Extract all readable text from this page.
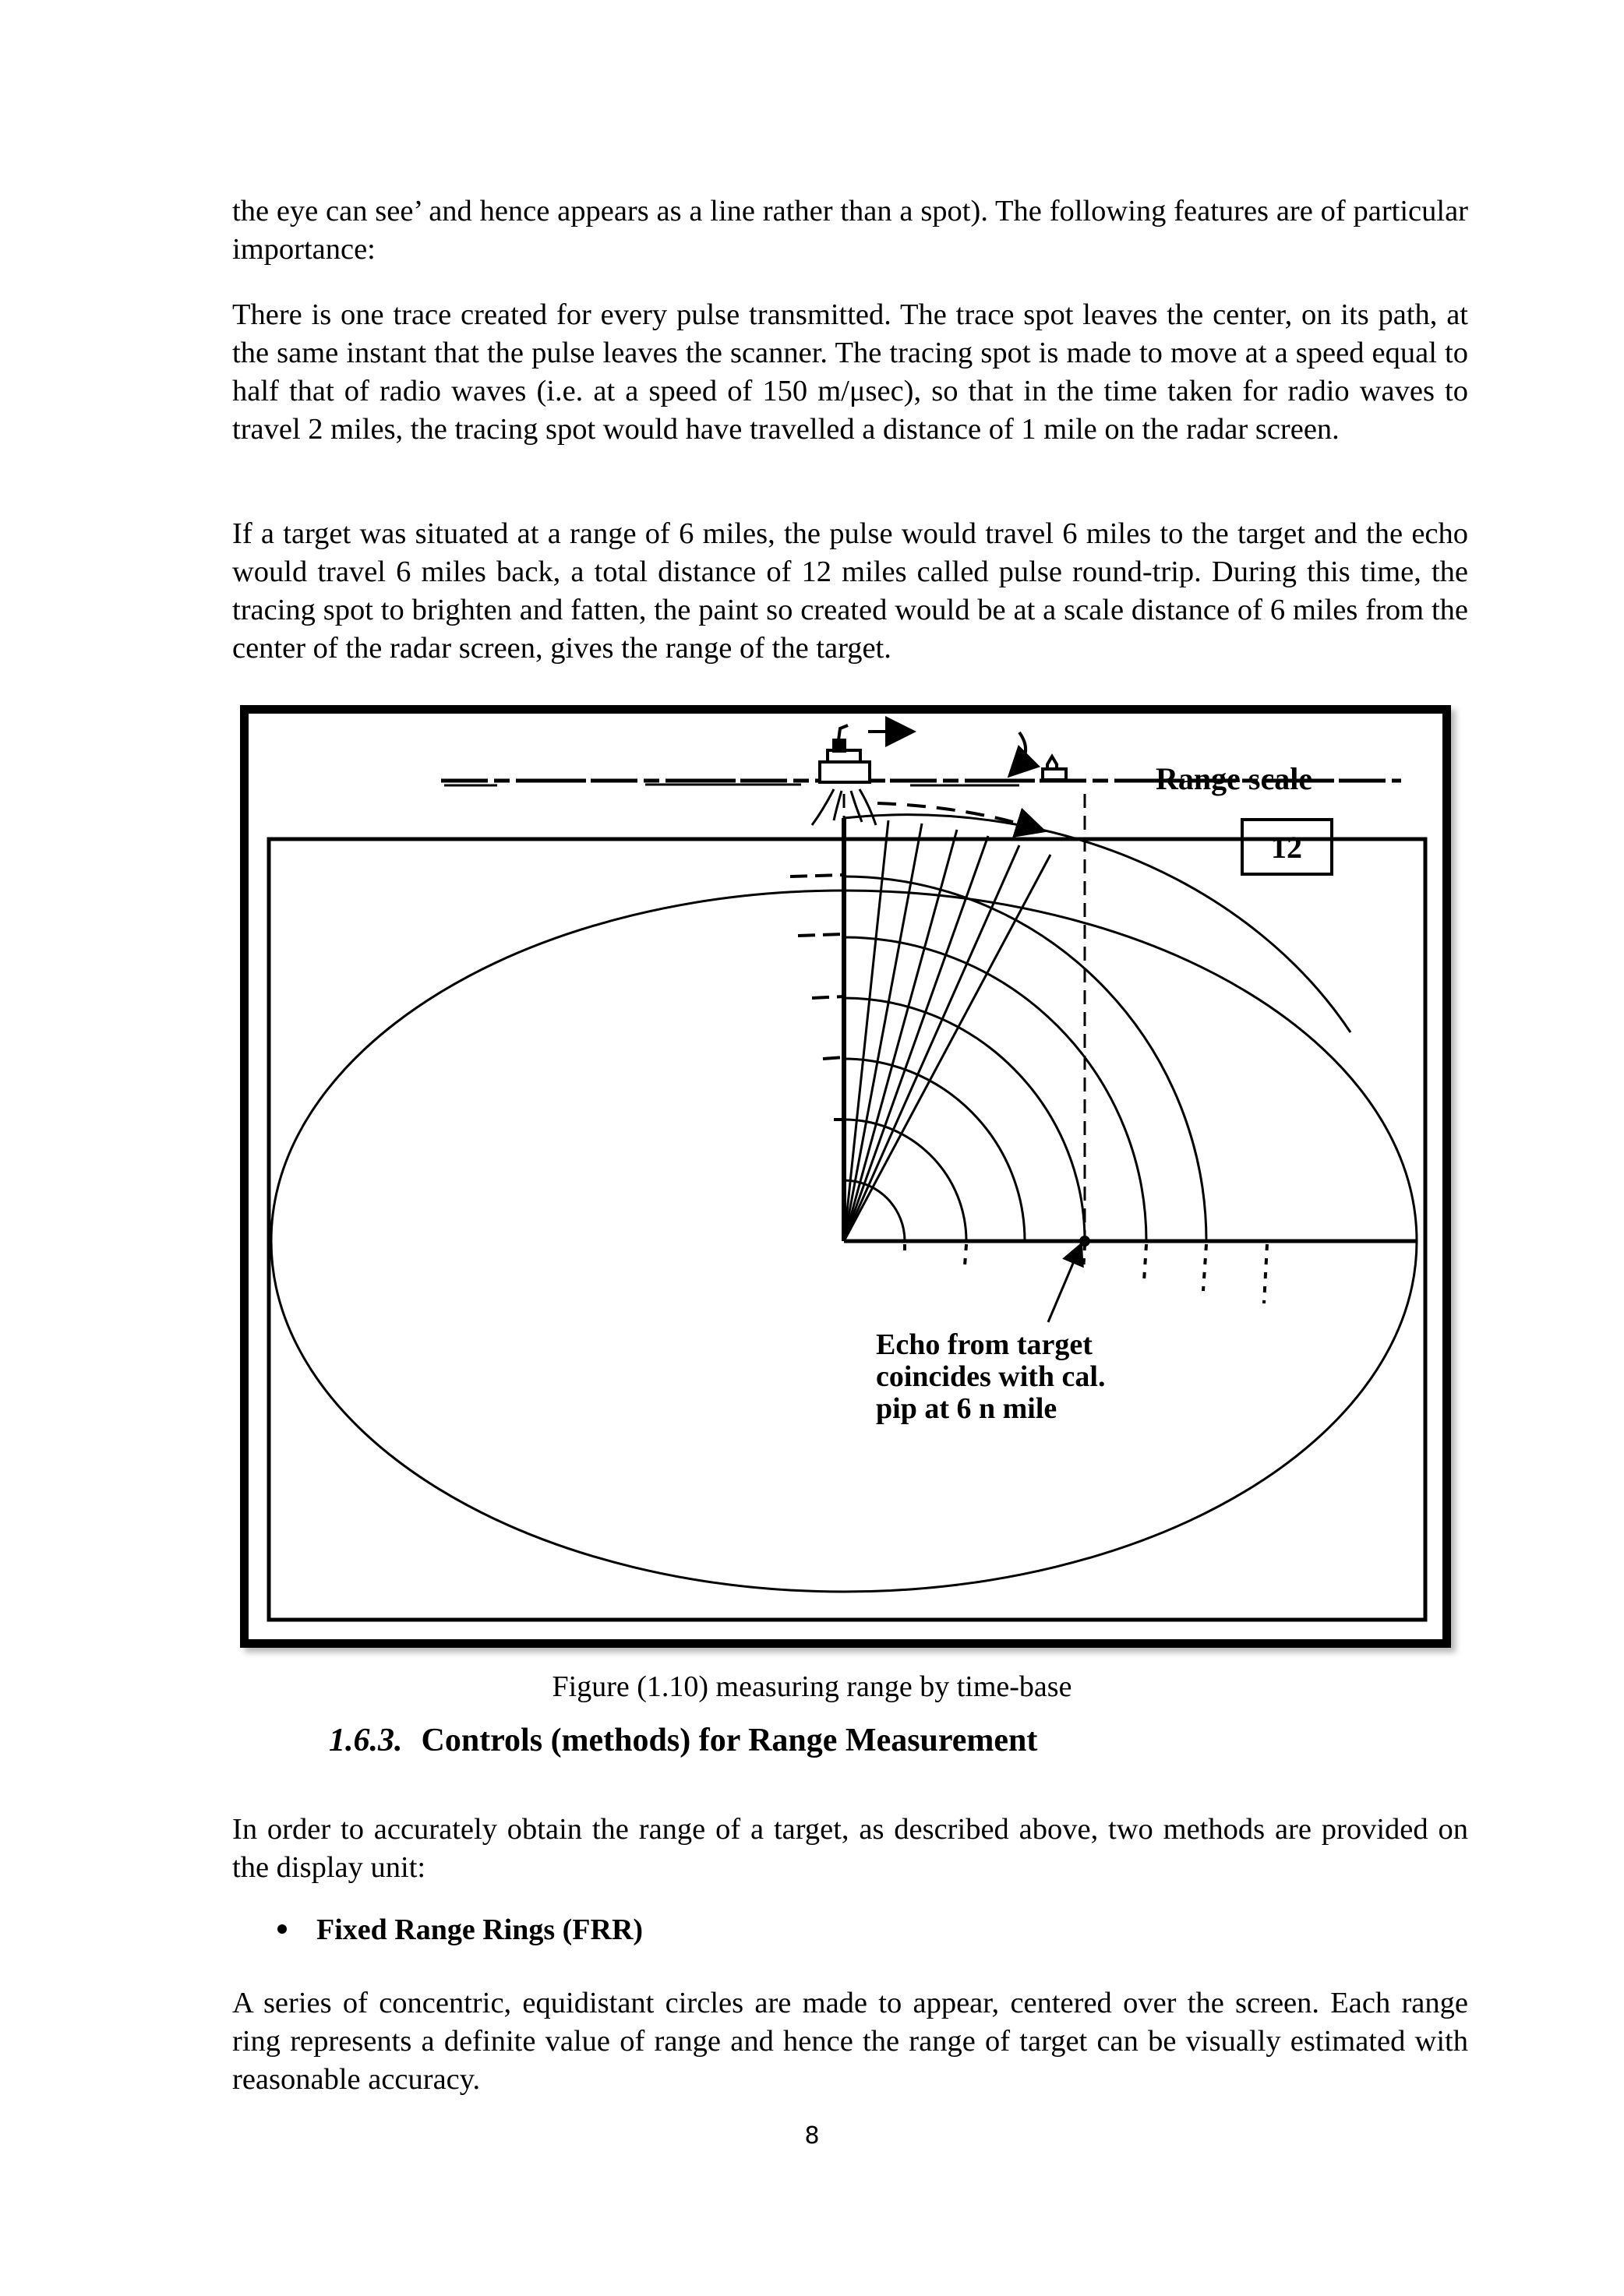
the eye can see’ and hence appears as a line rather than a spot). The following features are of particular importance:

There is one trace created for every pulse transmitted. The trace spot leaves the center, on its path, at the same instant that the pulse leaves the scanner. The tracing spot is made to move at a speed equal to half that of radio waves (i.e. at a speed of 150 m/μsec), so that in the time taken for radio waves to travel 2 miles, the tracing spot would have travelled a distance of 1 mile on the radar screen.

If a target was situated at a range of 6 miles, the pulse would travel 6 miles to the target and the echo would travel 6 miles back, a total distance of 12 miles called pulse round-trip. During this time, the tracing spot to brighten and fatten, the paint so created would be at a scale distance of 6 miles from the center of the radar screen, gives the range of the target.

.
Range scale
12
Echo from target
coincides with cal.
pip at 6 n mile
Figure (1.10) measuring range by time-base
1.6.3. Controls (methods) for Range Measurement

In order to accurately obtain the range of a target, as described above, two methods are provided on the display unit:

Fixed Range Rings (FRR)

A series of concentric, equidistant circles are made to appear, centered over the screen. Each range ring represents a definite value of range and hence the range of target can be visually estimated with reasonable accuracy.

8
